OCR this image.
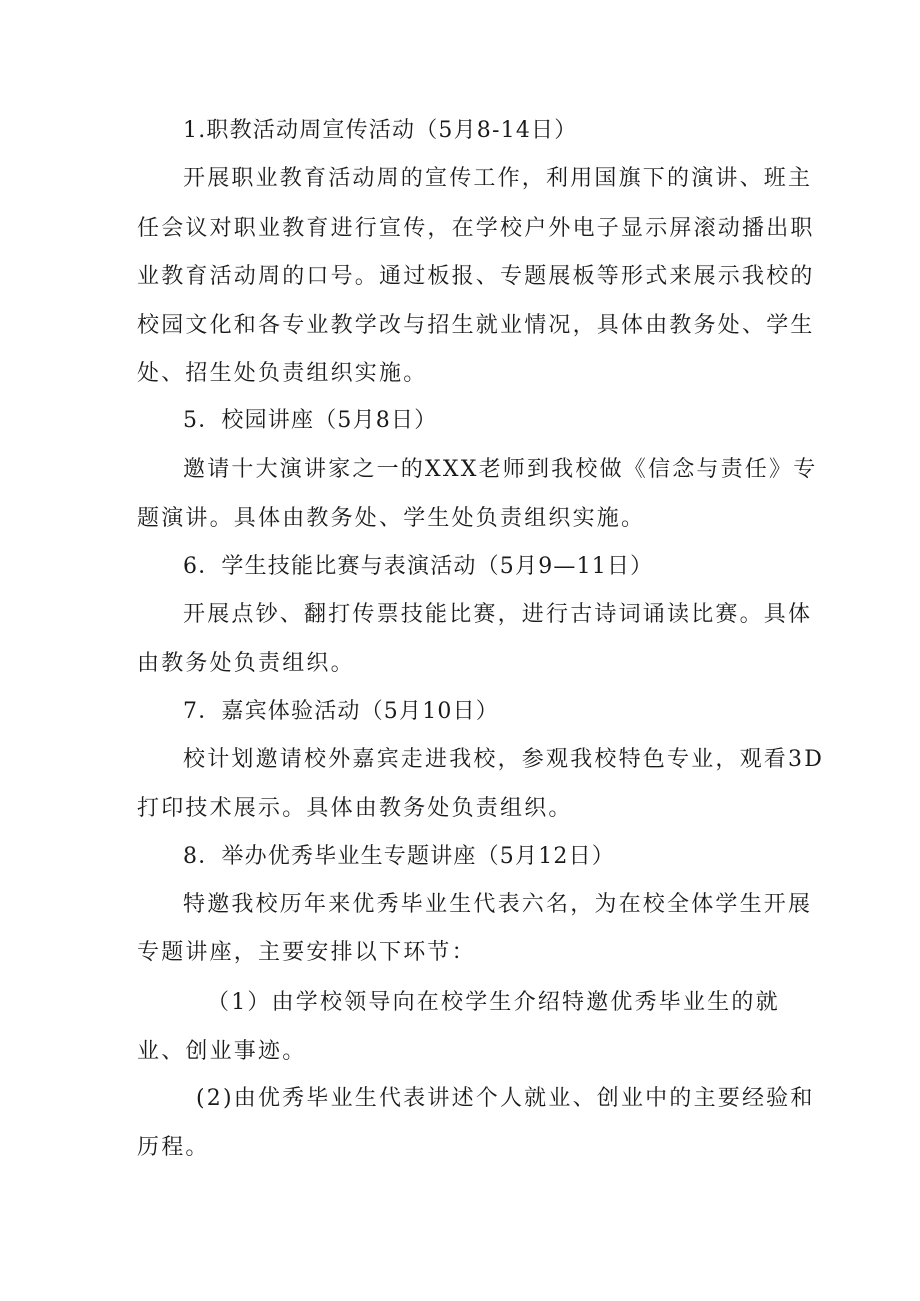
1.职教活动周宣传活动（5月8-14日）
开展职业教育活动周的宣传工作，利用国旗下的演讲、班主
任会议对职业教育进行宣传，在学校户外电子显示屏滚动播出职
业教育活动周的口号。通过板报、专题展板等形式来展示我校的
校园文化和各专业教学改与招生就业情况，具体由教务处、学生
处、招生处负责组织实施。
5．校园讲座（5月8日）
邀请十大演讲家之一的XXX老师到我校做《信念与责任》专
题演讲。具体由教务处、学生处负责组织实施。
6．学生技能比赛与表演活动（5月9—11日）
开展点钞、翻打传票技能比赛，进行古诗词诵读比赛。具体
由教务处负责组织。
7．嘉宾体验活动（5月10日）
校计划邀请校外嘉宾走进我校，参观我校特色专业，观看3D
打印技术展示。具体由教务处负责组织。
8．举办优秀毕业生专题讲座（5月12日）
特邀我校历年来优秀毕业生代表六名，为在校全体学生开展
专题讲座，主要安排以下环节：
（1）由学校领导向在校学生介绍特邀优秀毕业生的就
业、创业事迹。
(2)由优秀毕业生代表讲述个人就业、创业中的主要经验和
历程。
